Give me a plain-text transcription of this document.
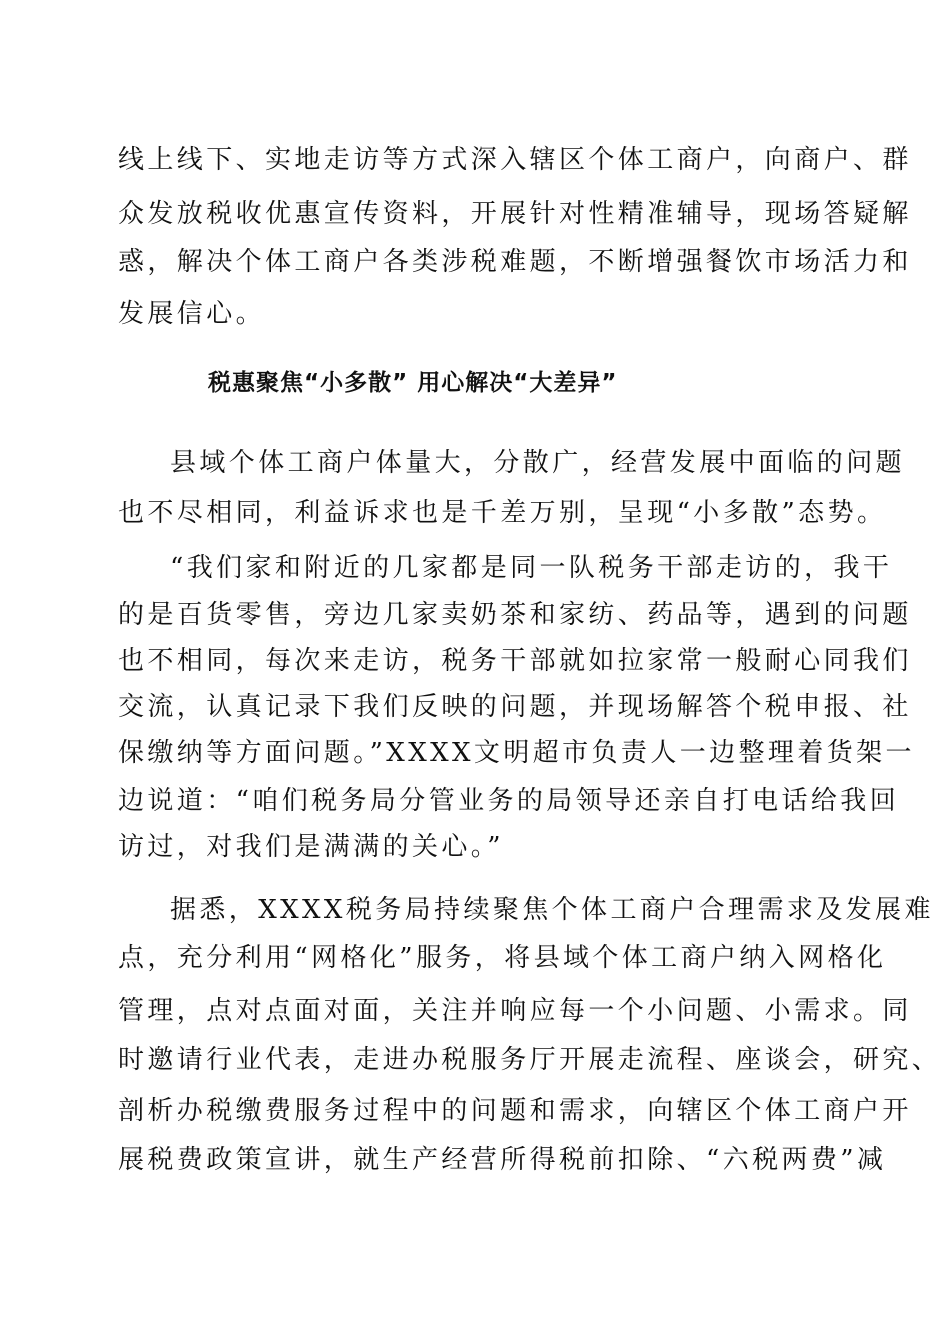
线上线下、实地走访等方式深入辖区个体工商户，向商户、群
众发放税收优惠宣传资料，开展针对性精准辅导，现场答疑解
惑，解决个体工商户各类涉税难题，不断增强餐饮市场活力和
发展信心。
税惠聚焦“小多散” 用心解决“大差异”
县域个体工商户体量大，分散广，经营发展中面临的问题
也不尽相同，利益诉求也是千差万别，呈现“小多散”态势。
“我们家和附近的几家都是同一队税务干部走访的，我干
的是百货零售，旁边几家卖奶茶和家纺、药品等，遇到的问题
也不相同，每次来走访，税务干部就如拉家常一般耐心同我们
交流，认真记录下我们反映的问题，并现场解答个税申报、社
保缴纳等方面问题。”XXXX文明超市负责人一边整理着货架一
边说道：“咱们税务局分管业务的局领导还亲自打电话给我回
访过，对我们是满满的关心。”
据悉，XXXX税务局持续聚焦个体工商户合理需求及发展难
点，充分利用“网格化”服务，将县域个体工商户纳入网格化
管理，点对点面对面，关注并响应每一个小问题、小需求。同
时邀请行业代表，走进办税服务厅开展走流程、座谈会，研究、
剖析办税缴费服务过程中的问题和需求，向辖区个体工商户开
展税费政策宣讲，就生产经营所得税前扣除、“六税两费”减
